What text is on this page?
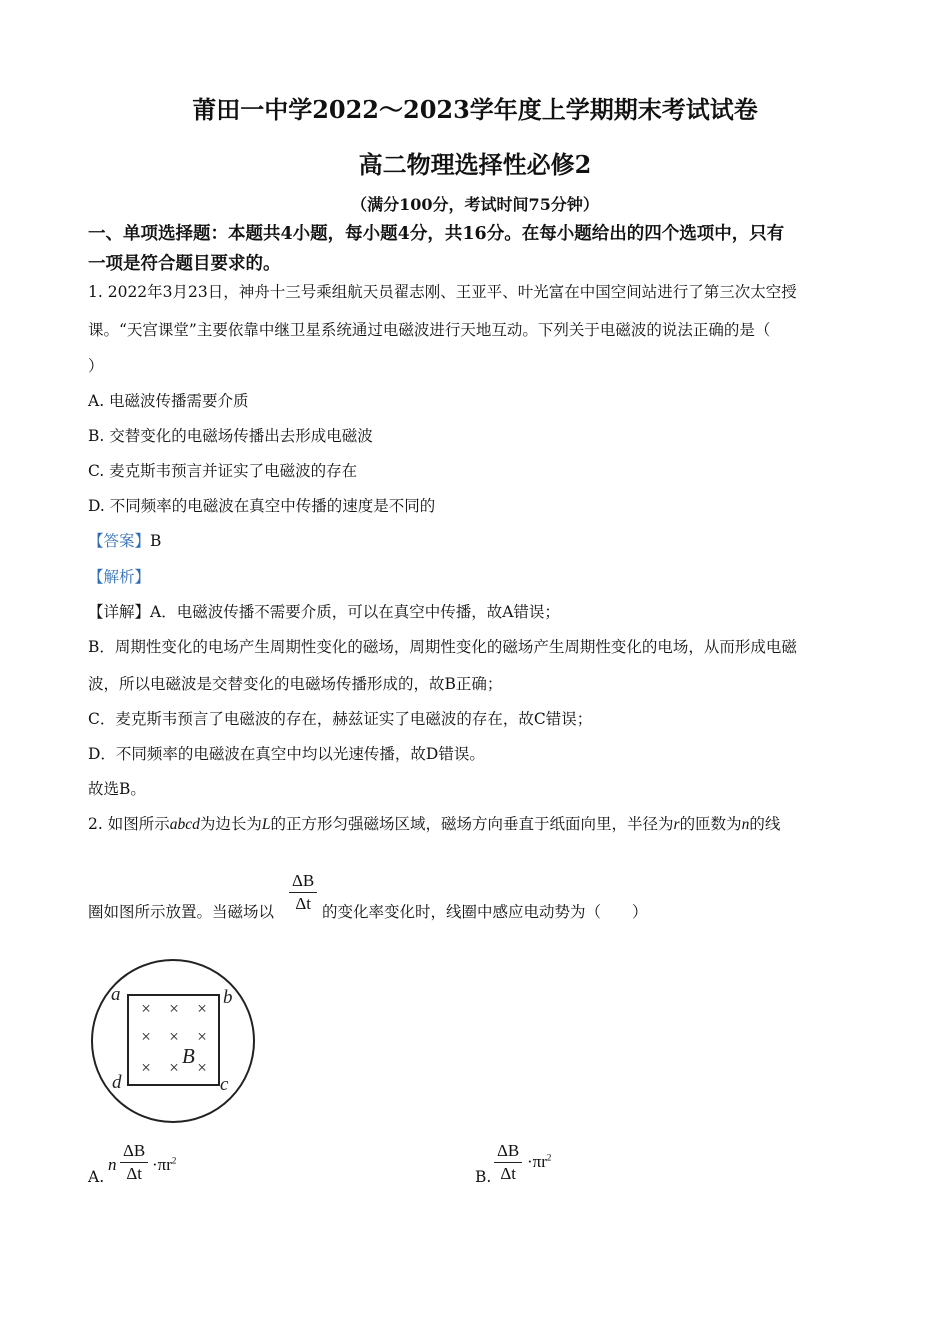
莆田一中学2022～2023学年度上学期期末考试试卷
高二物理选择性必修2
（满分100分，考试时间75分钟）
一、单项选择题：本题共4小题，每小题4分，共16分。在每小题给出的四个选项中，只有
一项是符合题目要求的。
1. 2022年3月23日，神舟十三号乘组航天员翟志刚、王亚平、叶光富在中国空间站进行了第三次太空授
课。“天宫课堂”主要依靠中继卫星系统通过电磁波进行天地互动。下列关于电磁波的说法正确的是（
）
A. 电磁波传播需要介质
B. 交替变化的电磁场传播出去形成电磁波
C. 麦克斯韦预言并证实了电磁波的存在
D. 不同频率的电磁波在真空中传播的速度是不同的
【答案】B
【解析】
【详解】A．电磁波传播不需要介质，可以在真空中传播，故A错误；
B．周期性变化的电场产生周期性变化的磁场，周期性变化的磁场产生周期性变化的电场，从而形成电磁
波，所以电磁波是交替变化的电磁场传播形成的，故B正确；
C．麦克斯韦预言了电磁波的存在，赫兹证实了电磁波的存在，故C错误；
D．不同频率的电磁波在真空中均以光速传播，故D错误。
故选B。
2. 如图所示abcd为边长为L的正方形匀强磁场区域，磁场方向垂直于纸面向里，半径为r的匝数为n的线
圈如图所示放置。当磁场以
ΔB
Δt 的变化率变化时，线圈中感应电动势为（　　）
× × ×
× × ×
× × ×
a	b
c
d
B
A.
n
ΔB
$\Delta t \cdot\pi r^2$
B.
ΔB
Δt
$\cdot\pi r^2$
